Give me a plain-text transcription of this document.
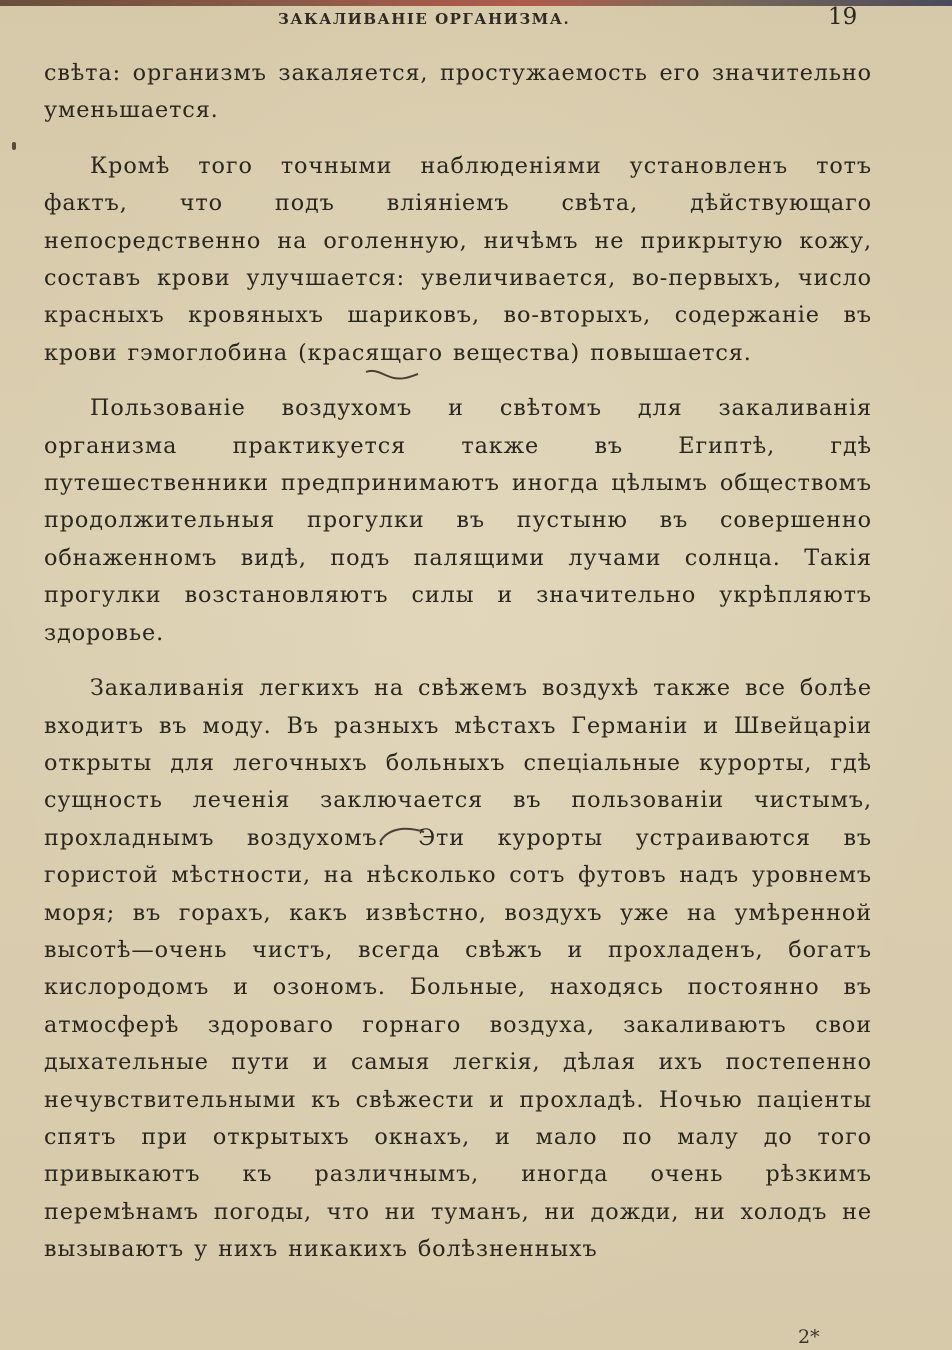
ЗАКАЛИВАНІЕ ОРГАНИЗМА.	19

свѣта: организмъ закаляется, простужаемость его значительно уменьшается.

Кромѣ того точными наблюденіями установленъ тотъ фактъ, что подъ вліяніемъ свѣта, дѣйствующаго непосредственно на оголенную, ничѣмъ не прикрытую кожу, составъ крови улучшается: увеличивается, во-первыхъ, число красныхъ кровяныхъ шариковъ, во-вторыхъ, содержаніе въ крови гэмоглобина (красящаго вещества) повышается.

Пользованіе воздухомъ и свѣтомъ для закаливанія организма практикуется также въ Египтѣ, гдѣ путешественники предпринимаютъ иногда цѣлымъ обществомъ продолжительныя прогулки въ пустыню въ совершенно обнаженномъ видѣ, подъ палящими лучами солнца. Такія прогулки возстановляютъ силы и значительно укрѣпляютъ здоровье.

Закаливанія легкихъ на свѣжемъ воздухѣ также все болѣе входитъ въ моду. Въ разныхъ мѣстахъ Германіи и Швейцаріи открыты для легочныхъ больныхъ спеціальные курорты, гдѣ сущность леченія заключается въ пользованіи чистымъ, прохладнымъ воздухомъ. Эти курорты устраиваются въ гористой мѣстности, на нѣсколько сотъ футовъ надъ уровнемъ моря; въ горахъ, какъ извѣстно, воздухъ уже на умѣренной высотѣ—очень чистъ, всегда свѣжъ и прохладенъ, богатъ кислородомъ и озономъ. Больные, находясь постоянно въ атмосферѣ здороваго горнаго воздуха, закаливаютъ свои дыхательные пути и самыя легкія, дѣлая ихъ постепенно нечувствительными къ свѣжести и прохладѣ. Ночью паціенты спятъ при открытыхъ окнахъ, и мало по малу до того привыкаютъ къ различнымъ, иногда очень рѣзкимъ перемѣнамъ погоды, что ни туманъ, ни дожди, ни холодъ не вызываютъ у нихъ никакихъ болѣзненныхъ

2*
